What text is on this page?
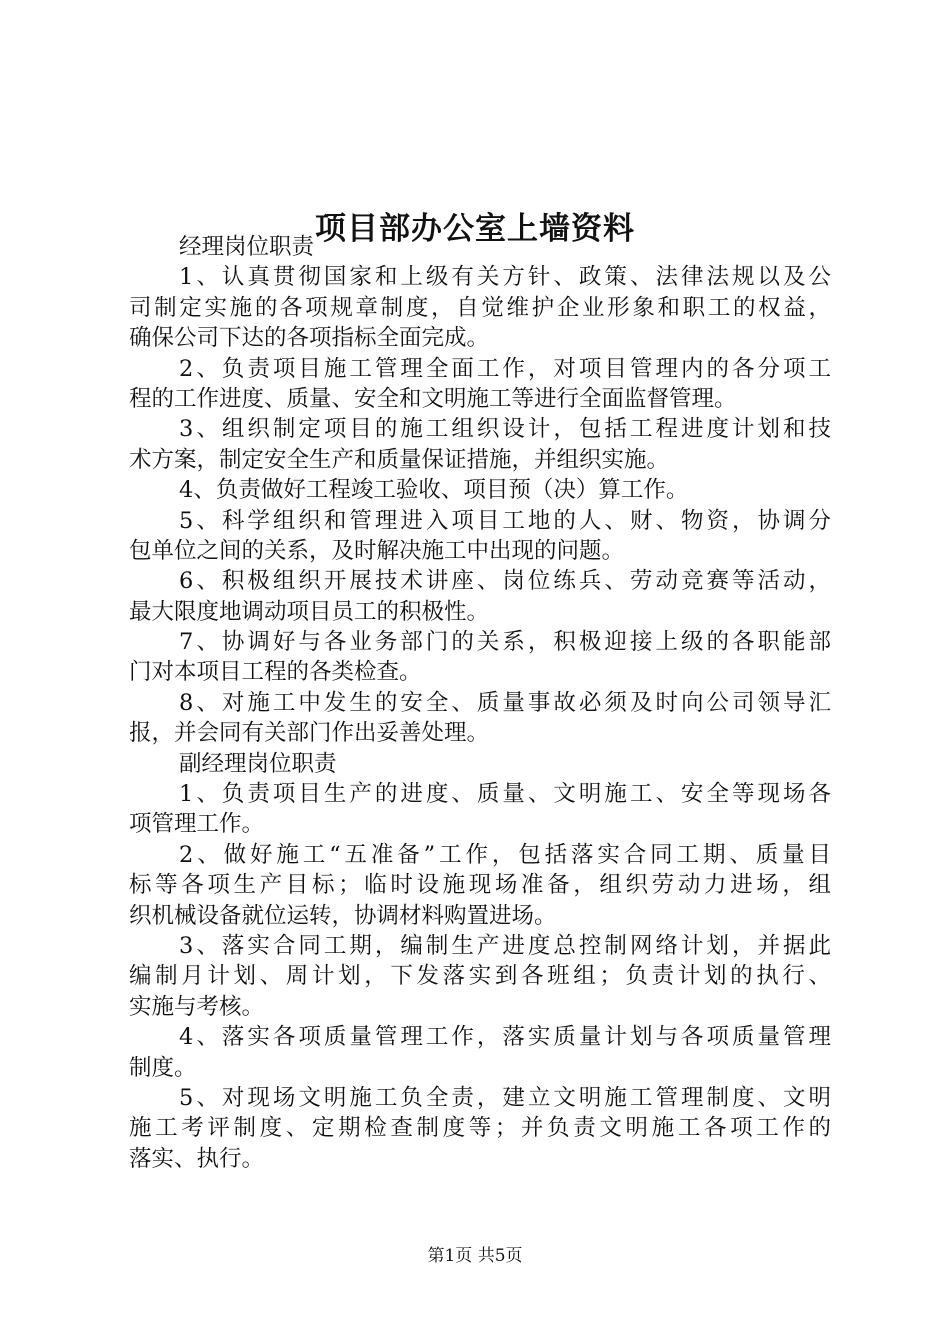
项目部办公室上墙资料
经理岗位职责
1、认真贯彻国家和上级有关方针、政策、法律法规以及公
司制定实施的各项规章制度，自觉维护企业形象和职工的权益，
确保公司下达的各项指标全面完成。
2、负责项目施工管理全面工作，对项目管理内的各分项工
程的工作进度、质量、安全和文明施工等进行全面监督管理。
3、组织制定项目的施工组织设计，包括工程进度计划和技
术方案，制定安全生产和质量保证措施，并组织实施。
4、负责做好工程竣工验收、项目预（决）算工作。
5、科学组织和管理进入项目工地的人、财、物资，协调分
包单位之间的关系，及时解决施工中出现的问题。
6、积极组织开展技术讲座、岗位练兵、劳动竞赛等活动，
最大限度地调动项目员工的积极性。
7、协调好与各业务部门的关系，积极迎接上级的各职能部
门对本项目工程的各类检查。
8、对施工中发生的安全、质量事故必须及时向公司领导汇
报，并会同有关部门作出妥善处理。
副经理岗位职责
1、负责项目生产的进度、质量、文明施工、安全等现场各
项管理工作。
2、做好施工“五准备”工作，包括落实合同工期、质量目
标等各项生产目标；临时设施现场准备，组织劳动力进场，组
织机械设备就位运转，协调材料购置进场。
3、落实合同工期，编制生产进度总控制网络计划，并据此
编制月计划、周计划，下发落实到各班组；负责计划的执行、
实施与考核。
4、落实各项质量管理工作，落实质量计划与各项质量管理
制度。
5、对现场文明施工负全责，建立文明施工管理制度、文明
施工考评制度、定期检查制度等；并负责文明施工各项工作的
落实、执行。
第1页 共5页
